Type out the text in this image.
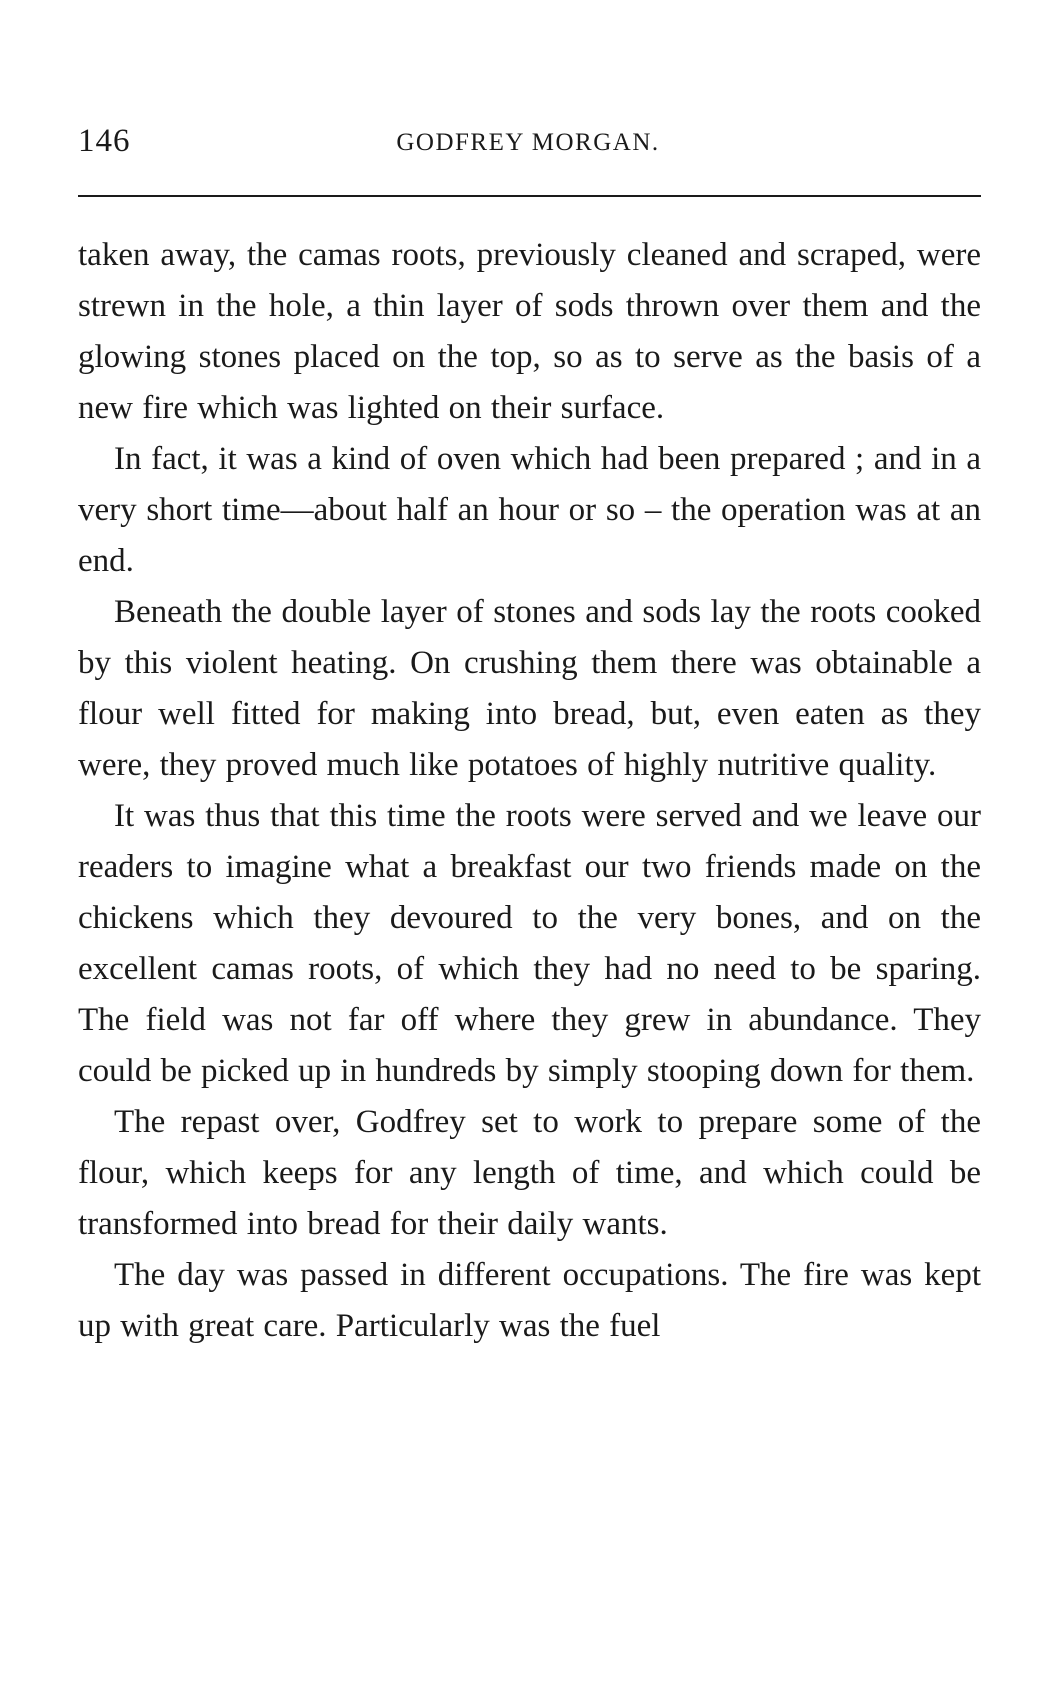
146	GODFREY MORGAN.

taken away, the camas roots, previously cleaned and scraped, were strewn in the hole, a thin layer of sods thrown over them and the glowing stones placed on the top, so as to serve as the basis of a new fire which was lighted on their surface.

In fact, it was a kind of oven which had been prepared ; and in a very short time—about half an hour or so – the operation was at an end.

Beneath the double layer of stones and sods lay the roots cooked by this violent heating. On crushing them there was obtainable a flour well fitted for making into bread, but, even eaten as they were, they proved much like potatoes of highly nutritive quality.

It was thus that this time the roots were served and we leave our readers to imagine what a breakfast our two friends made on the chickens which they devoured to the very bones, and on the excellent camas roots, of which they had no need to be sparing. The field was not far off where they grew in abundance. They could be picked up in hundreds by simply stooping down for them.

The repast over, Godfrey set to work to prepare some of the flour, which keeps for any length of time, and which could be transformed into bread for their daily wants.

The day was passed in different occupations. The fire was kept up with great care. Particularly was the fuel
